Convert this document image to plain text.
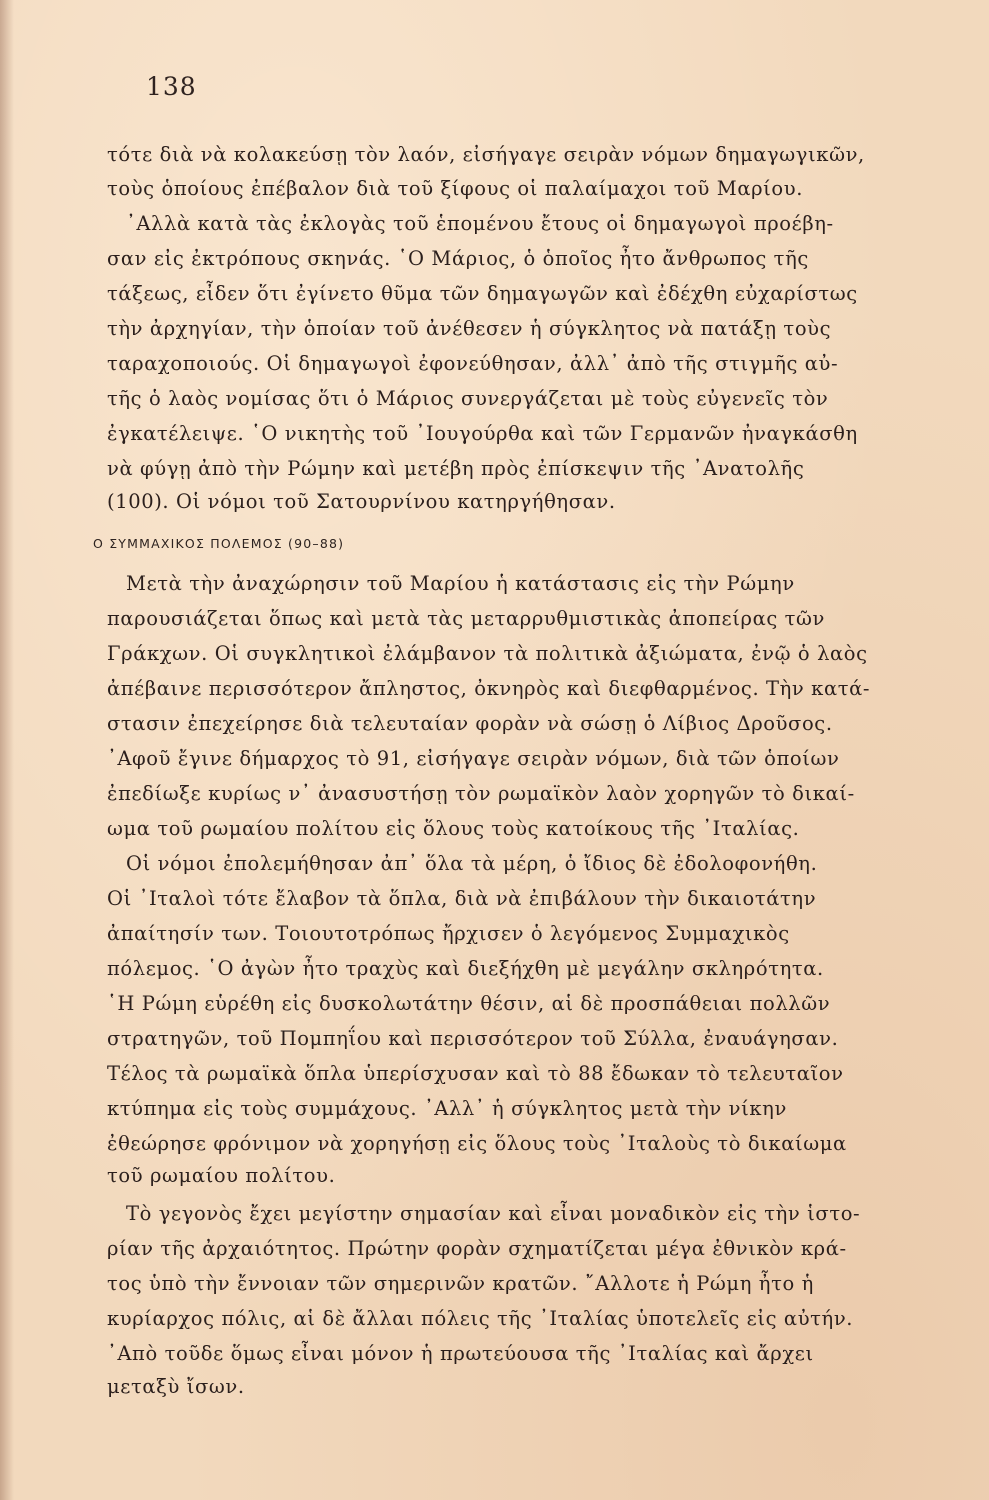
138
τότε διὰ νὰ κολακεύσῃ τὸν λαόν, εἰσήγαγε σειρὰν νόμων δημαγωγικῶν,
τοὺς ὁποίους ἐπέβαλον διὰ τοῦ ξίφους οἱ παλαίμαχοι τοῦ Μαρίου.
᾿Αλλὰ κατὰ τὰς ἐκλογὰς τοῦ ἑπομένου ἔτους οἱ δημαγωγοὶ προέβη-
σαν εἰς ἐκτρόπους σκηνάς. ῾Ο Μάριος, ὁ ὁποῖος ἦτο ἄνθρωπος τῆς
τάξεως, εἶδεν ὅτι ἐγίνετο θῦμα τῶν δημαγωγῶν καὶ ἐδέχθη εὐχαρίστως
τὴν ἀρχηγίαν, τὴν ὁποίαν τοῦ ἀνέθεσεν ἡ σύγκλητος νὰ πατάξῃ τοὺς
ταραχοποιούς. Οἱ δημαγωγοὶ ἐφονεύθησαν, ἀλλ᾿ ἀπὸ τῆς στιγμῆς αὐ-
τῆς ὁ λαὸς νομίσας ὅτι ὁ Μάριος συνεργάζεται μὲ τοὺς εὐγενεῖς τὸν
ἐγκατέλειψε. ῾Ο νικητὴς τοῦ ᾿Ιουγούρθα καὶ τῶν Γερμανῶν ἠναγκάσθη
νὰ φύγῃ ἀπὸ τὴν Ρώμην καὶ μετέβη πρὸς ἐπίσκεψιν τῆς ᾿Ανατολῆς
(100). Οἱ νόμοι τοῦ Σατουρνίνου κατηργήθησαν.
Ο ΣΥΜΜΑΧΙΚΟΣ ΠΟΛΕΜΟΣ (90–88)
Μετὰ τὴν ἀναχώρησιν τοῦ Μαρίου ἡ κατάστασις εἰς τὴν Ρώμην
παρουσιάζεται ὅπως καὶ μετὰ τὰς μεταρρυθμιστικὰς ἀποπείρας τῶν
Γράκχων. Οἱ συγκλητικοὶ ἐλάμβανον τὰ πολιτικὰ ἀξιώματα, ἐνῷ ὁ λαὸς
ἀπέβαινε περισσότερον ἄπληστος, ὀκνηρὸς καὶ διεφθαρμένος. Τὴν κατά-
στασιν ἐπεχείρησε διὰ τελευταίαν φορὰν νὰ σώσῃ ὁ Λίβιος Δροῦσος.
᾿Αφοῦ ἔγινε δήμαρχος τὸ 91, εἰσήγαγε σειρὰν νόμων, διὰ τῶν ὁποίων
ἐπεδίωξε κυρίως ν᾿ ἀνασυστήσῃ τὸν ρωμαϊκὸν λαὸν χορηγῶν τὸ δικαί-
ωμα τοῦ ρωμαίου πολίτου εἰς ὅλους τοὺς κατοίκους τῆς ᾿Ιταλίας.
Οἱ νόμοι ἐπολεμήθησαν ἀπ᾿ ὅλα τὰ μέρη, ὁ ἴδιος δὲ ἐδολοφονήθη.
Οἱ ᾿Ιταλοὶ τότε ἔλαβον τὰ ὅπλα, διὰ νὰ ἐπιβάλουν τὴν δικαιοτάτην
ἀπαίτησίν των. Τοιουτοτρόπως ἤρχισεν ὁ λεγόμενος Συμμαχικὸς
πόλεμος. ῾Ο ἀγὼν ἦτο τραχὺς καὶ διεξήχθη μὲ μεγάλην σκληρότητα.
῾Η Ρώμη εὑρέθη εἰς δυσκολωτάτην θέσιν, αἱ δὲ προσπάθειαι πολλῶν
στρατηγῶν, τοῦ Πομπηΐου καὶ περισσότερον τοῦ Σύλλα, ἐναυάγησαν.
Τέλος τὰ ρωμαϊκὰ ὅπλα ὑπερίσχυσαν καὶ τὸ 88 ἔδωκαν τὸ τελευταῖον
κτύπημα εἰς τοὺς συμμάχους. ᾿Αλλ᾿ ἡ σύγκλητος μετὰ τὴν νίκην
ἐθεώρησε φρόνιμον νὰ χορηγήσῃ εἰς ὅλους τοὺς ᾿Ιταλοὺς τὸ δικαίωμα
τοῦ ρωμαίου πολίτου.
Τὸ γεγονὸς ἔχει μεγίστην σημασίαν καὶ εἶναι μοναδικὸν εἰς τὴν ἱστο-
ρίαν τῆς ἀρχαιότητος. Πρώτην φορὰν σχηματίζεται μέγα ἐθνικὸν κρά-
τος ὑπὸ τὴν ἔννοιαν τῶν σημερινῶν κρατῶν. ῎Αλλοτε ἡ Ρώμη ἦτο ἡ
κυρίαρχος πόλις, αἱ δὲ ἄλλαι πόλεις τῆς ᾿Ιταλίας ὑποτελεῖς εἰς αὐτήν.
᾿Απὸ τοῦδε ὅμως εἶναι μόνον ἡ πρωτεύουσα τῆς ᾿Ιταλίας καὶ ἄρχει
μεταξὺ ἴσων.
